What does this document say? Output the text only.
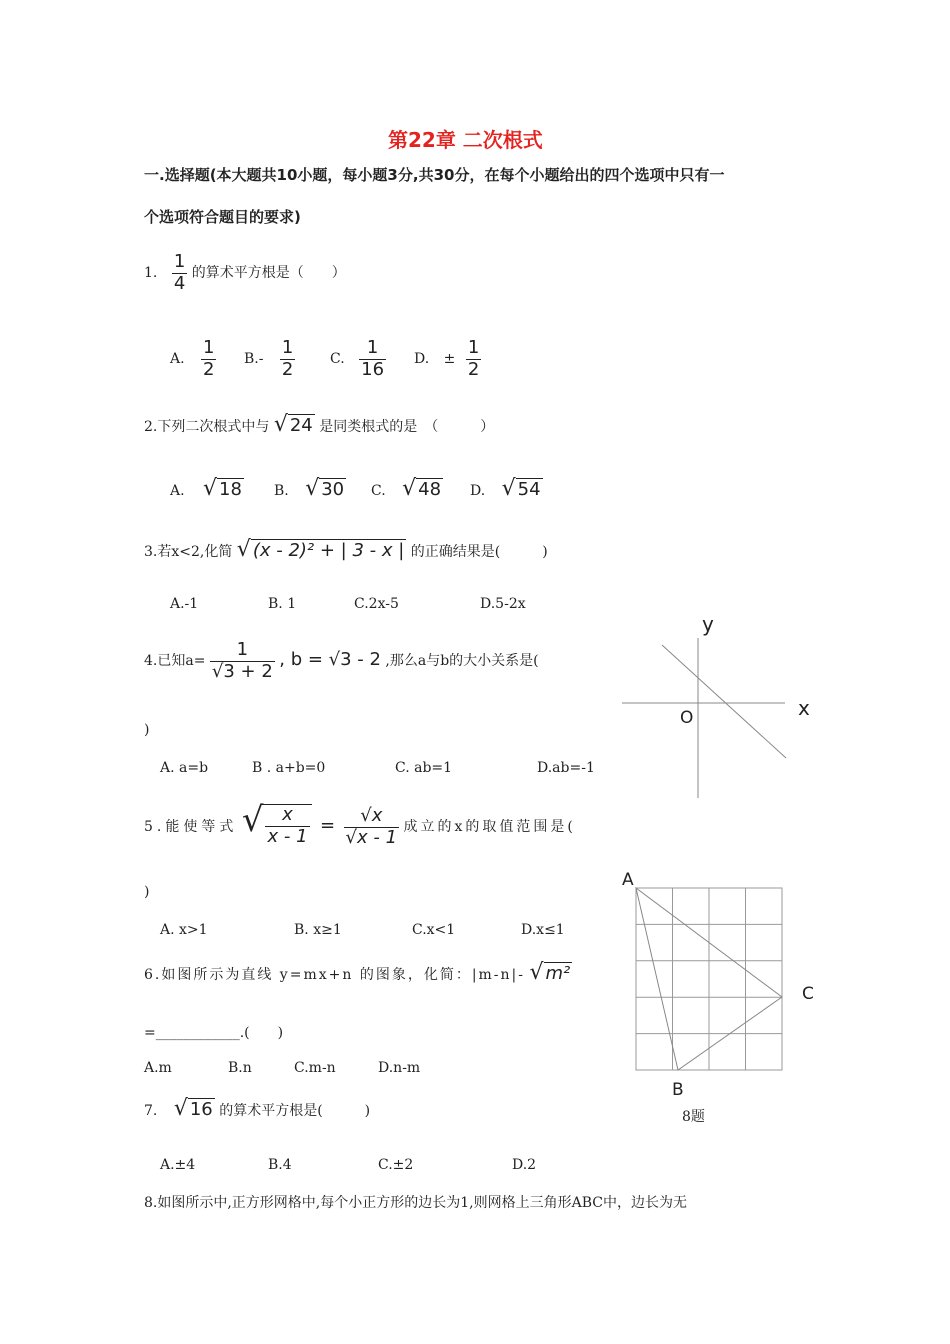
第22章 二次根式
一.选择题(本大题共10小题，每小题3分,共30分，在每个小题给出的四个选项中只有一
个选项符合题目的要求)
1. $\frac{1}{4}$ 的算术平方根是（　　）
A. $\frac{1}{2} B.- \frac{1}{2} C$. $\frac{1}{16} D$. ± $\frac{1}{2}$
2.下列二次根式中与 √ 24 是同类根式的是　（　　　）
A. √ 18 B. √ 30 C. √ 48 D. √ 54
3.若x<2,化简 √ (x - 2)² + | 3 - x | 的正确结果是(　　　)
A.-1	B. 1	C.2x-5	D.5-2x
4.已知$a= \frac{1}{√3 + 2}$ , b = √3 - 2 ,那么a与b的大小关系是(
)
A. a=b	B . a+b=0	C. ab=1	D.ab=-1
5.能使等式 √ $\frac{x}{x - 1} = \frac{√x}{√x - 1}$ 成立的x的取值范围是(
)
A. x>1	B. x≥1	C.x<1	D.x≤1
6.如图所示为直线 y=mx+n 的图象，化简：|m-n|- √ m²
=____________.(　　)
A.m	B.n	C.m-n	D.n-m
7. √ 16 的算术平方根是(　　　)
A.±4	B.4	C.±2	D.2
8.如图所示中,正方形网格中,每个小正方形的边长为1,则网格上三角形ABC中，边长为无
y
x
O
A
B
C
8题
